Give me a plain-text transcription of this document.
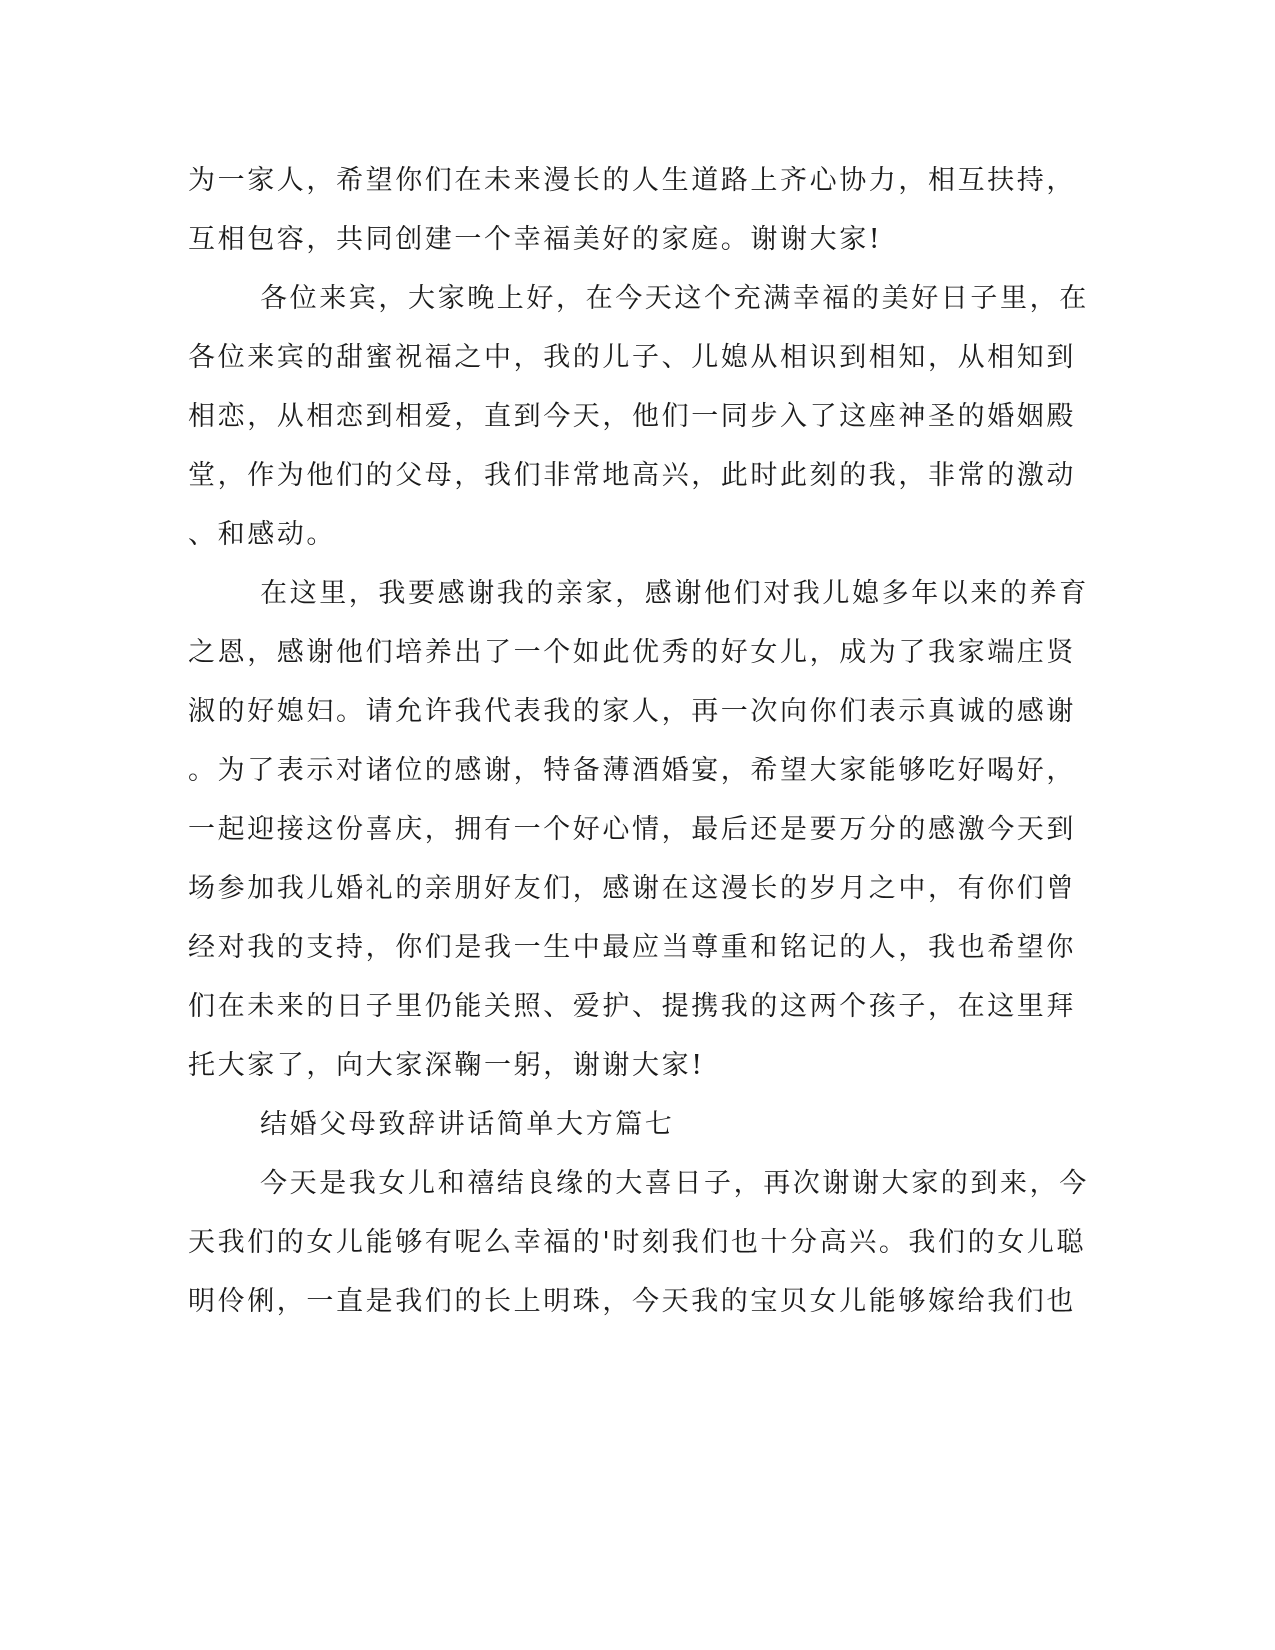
为一家人，希望你们在未来漫长的人生道路上齐心协力，相互扶持，
互相包容，共同创建一个幸福美好的家庭。谢谢大家!
各位来宾，大家晚上好，在今天这个充满幸福的美好日子里，在
各位来宾的甜蜜祝福之中，我的儿子、儿媳从相识到相知，从相知到
相恋，从相恋到相爱，直到今天，他们一同步入了这座神圣的婚姻殿
堂，作为他们的父母，我们非常地高兴，此时此刻的我，非常的激动
、和感动。
在这里，我要感谢我的亲家，感谢他们对我儿媳多年以来的养育
之恩，感谢他们培养出了一个如此优秀的好女儿，成为了我家端庄贤
淑的好媳妇。请允许我代表我的家人，再一次向你们表示真诚的感谢
。为了表示对诸位的感谢，特备薄酒婚宴，希望大家能够吃好喝好，
一起迎接这份喜庆，拥有一个好心情，最后还是要万分的感激今天到
场参加我儿婚礼的亲朋好友们，感谢在这漫长的岁月之中，有你们曾
经对我的支持，你们是我一生中最应当尊重和铭记的人，我也希望你
们在未来的日子里仍能关照、爱护、提携我的这两个孩子，在这里拜
托大家了，向大家深鞠一躬，谢谢大家!
结婚父母致辞讲话简单大方篇七
今天是我女儿和禧结良缘的大喜日子，再次谢谢大家的到来，今
天我们的女儿能够有呢么幸福的'时刻我们也十分高兴。我们的女儿聪
明伶俐，一直是我们的长上明珠，今天我的宝贝女儿能够嫁给我们也
